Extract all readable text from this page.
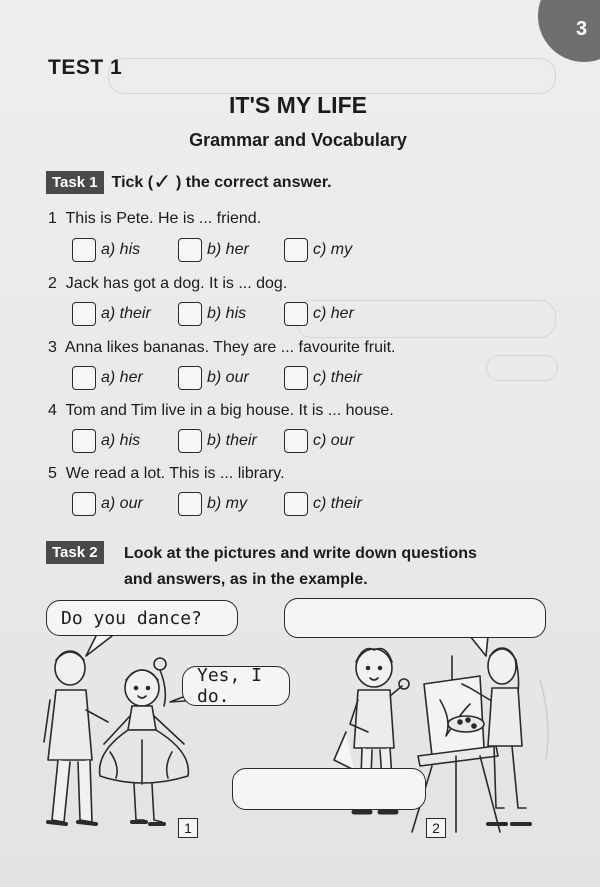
3
TEST 1
IT'S MY LIFE
Grammar and Vocabulary
Task 1 Tick (✓ ) the correct answer.
1 This is Pete. He is ... friend.
a) his	b) her	c) my
2 Jack has got a dog. It is ... dog.
a) their	b) his	c) her
3 Anna likes bananas. They are ... favourite fruit.
a) her	b) our	c) their
4 Tom and Tim live in a big house. It is ... house.
a) his	b) their	c) our
5 We read a lot. This is ... library.
a) our	b) my	c) their
Task 2	Look at the pictures and write down questions
and answers, as in the example.
Do you dance?
Yes, I do.
1	2
